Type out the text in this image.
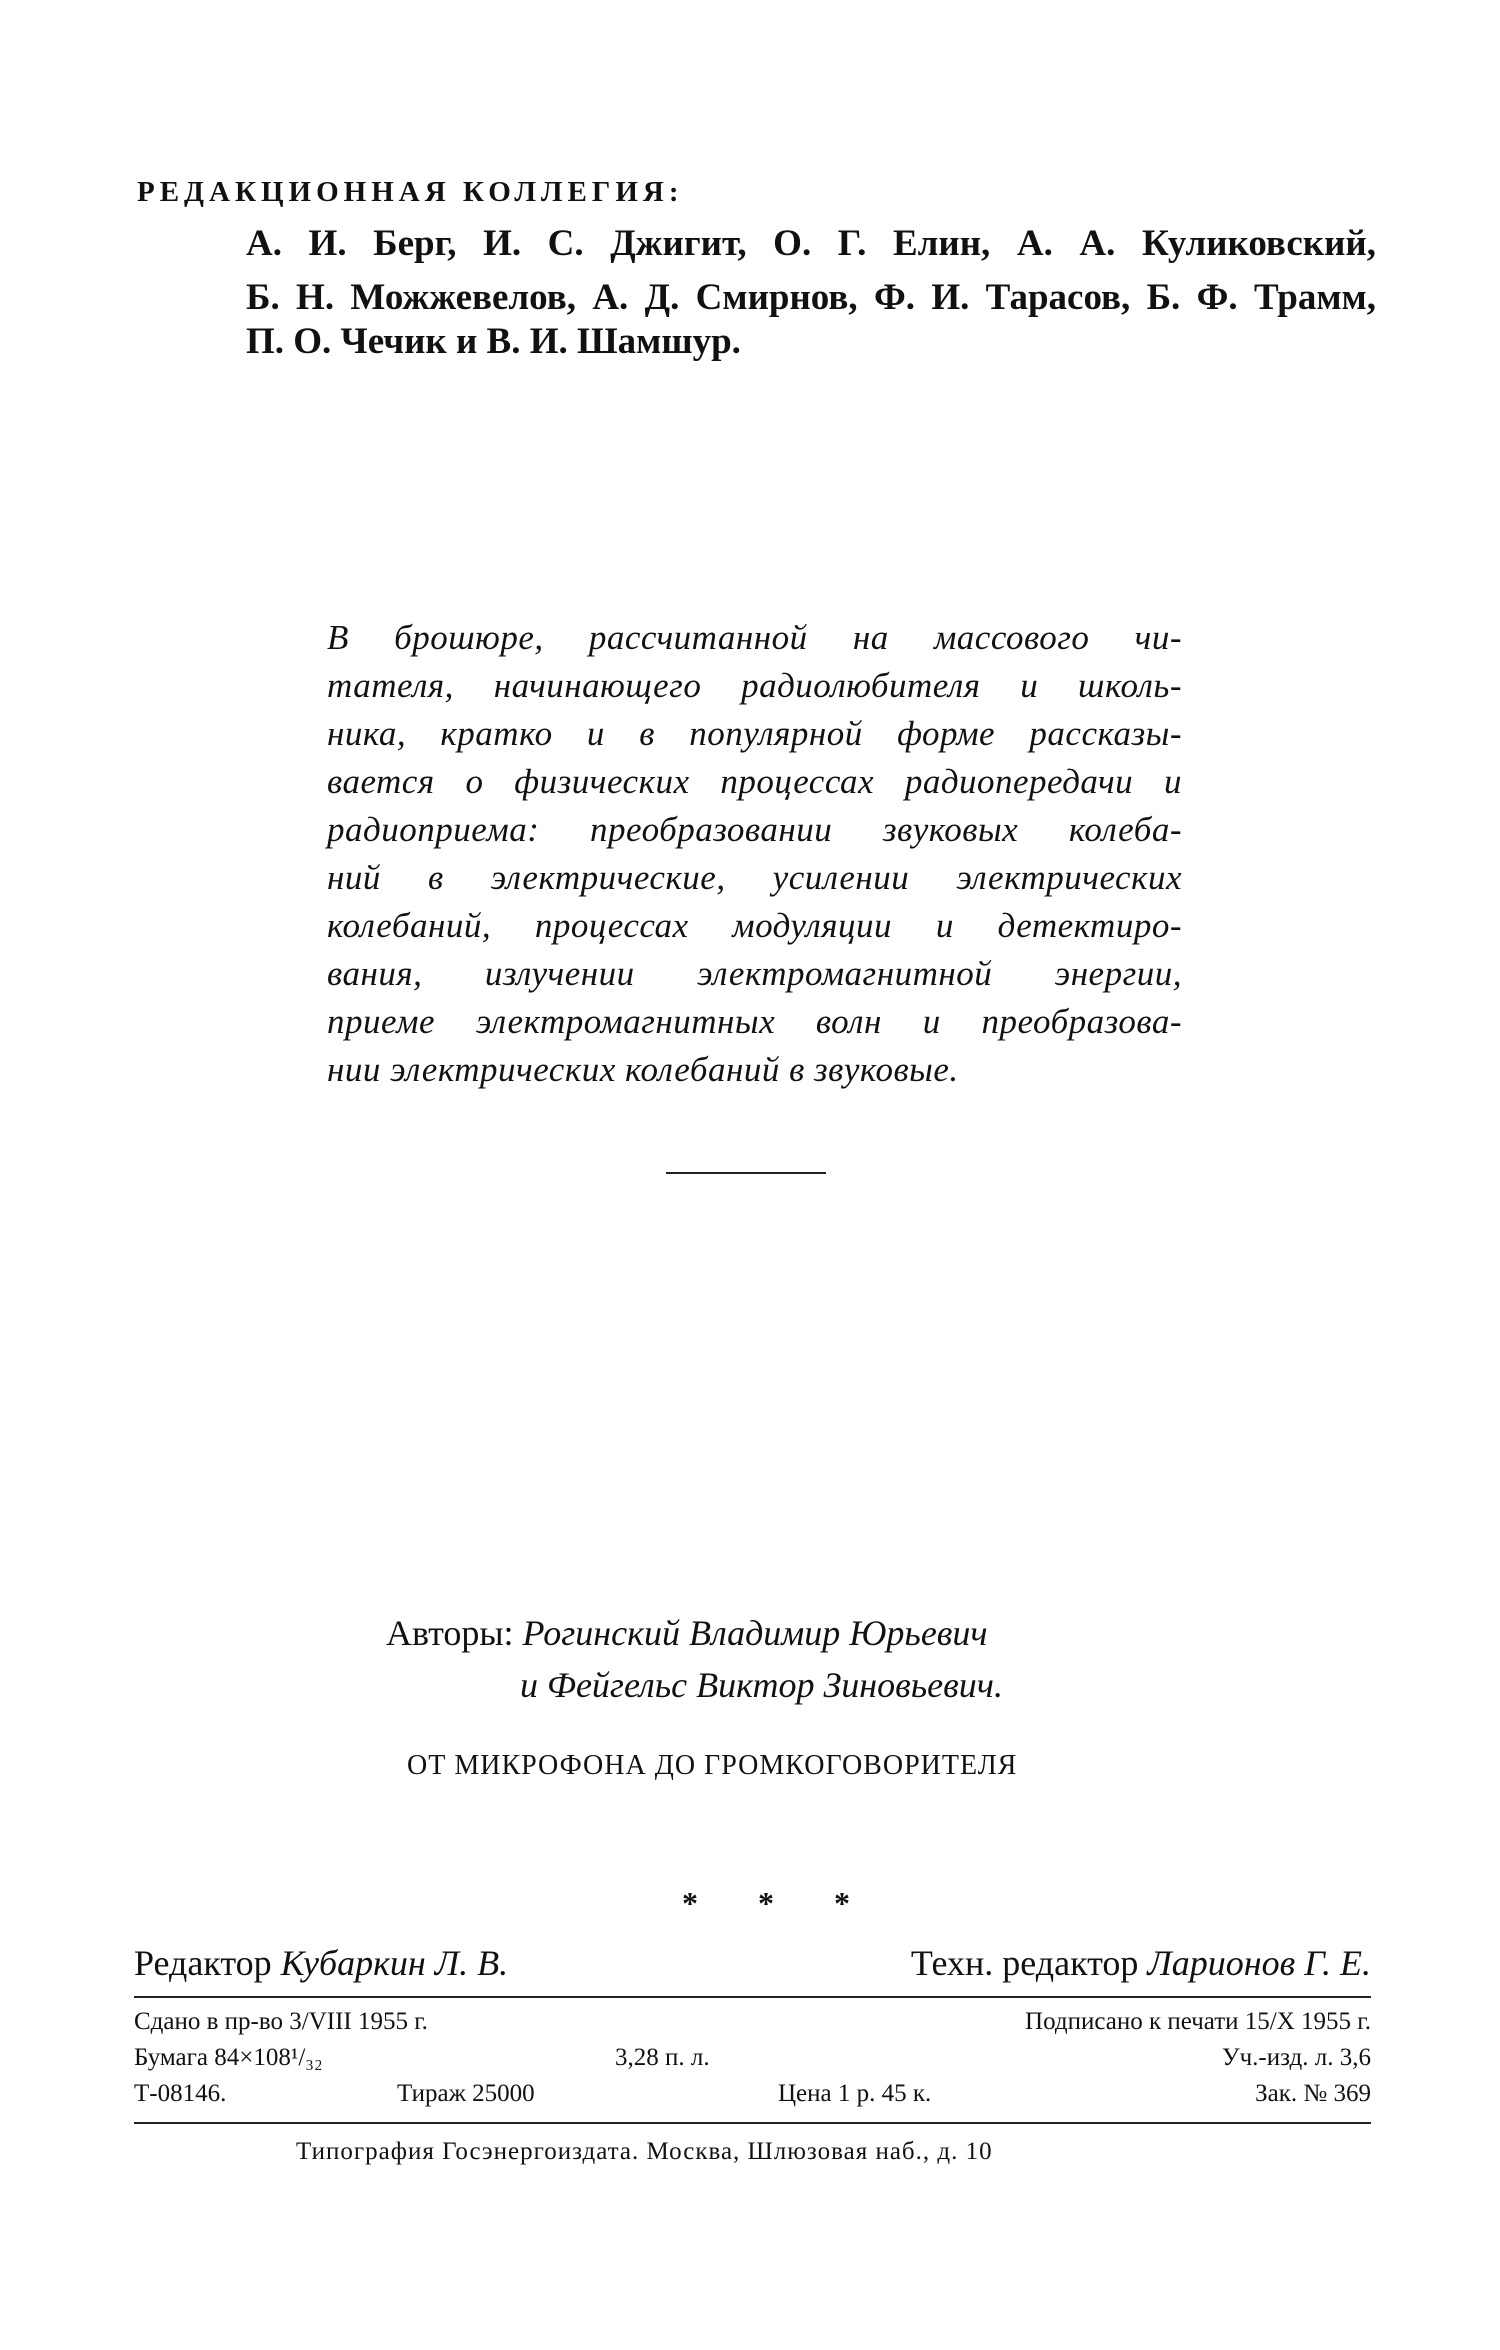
РЕДАКЦИОННАЯ КОЛЛЕГИЯ:
А. И. Берг, И. С. Джигит, О. Г. Елин, А. А. Куликовский,
Б. Н. Можжевелов, А. Д. Смирнов, Ф. И. Тарасов, Б. Ф. Трамм,
П. О. Чечик и В. И. Шамшур.
В брошюре, рассчитанной на массового чи-
тателя, начинающего радиолюбителя и школь-
ника, кратко и в популярной форме рассказы-
вается о физических процессах радиопередачи и
радиоприема: преобразовании звуковых колеба-
ний в электрические, усилении электрических
колебаний, процессах модуляции и детектиро-
вания, излучении электромагнитной энергии,
приеме электромагнитных волн и преобразова-
нии электрических колебаний в звуковые.
Авторы: Рогинский Владимир Юрьевич
и Фейгельс Виктор Зиновьевич.
ОТ МИКРОФОНА ДО ГРОМКОГОВОРИТЕЛЯ
* * *
Редактор Кубаркин Л. В.	Техн. редактор Ларионов Г. Е.
Сдано в пр-во 3/VIII 1955 г.	Подписано к печати 15/X 1955 г.
Бумага 84×108¹/₃₂	3,28 п. л.	Уч.-изд. л. 3,6
Т-08146.	Тираж 25000	Цена 1 р. 45 к.	Зак. № 369
Типография Госэнергоиздата. Москва, Шлюзовая наб., д. 10
